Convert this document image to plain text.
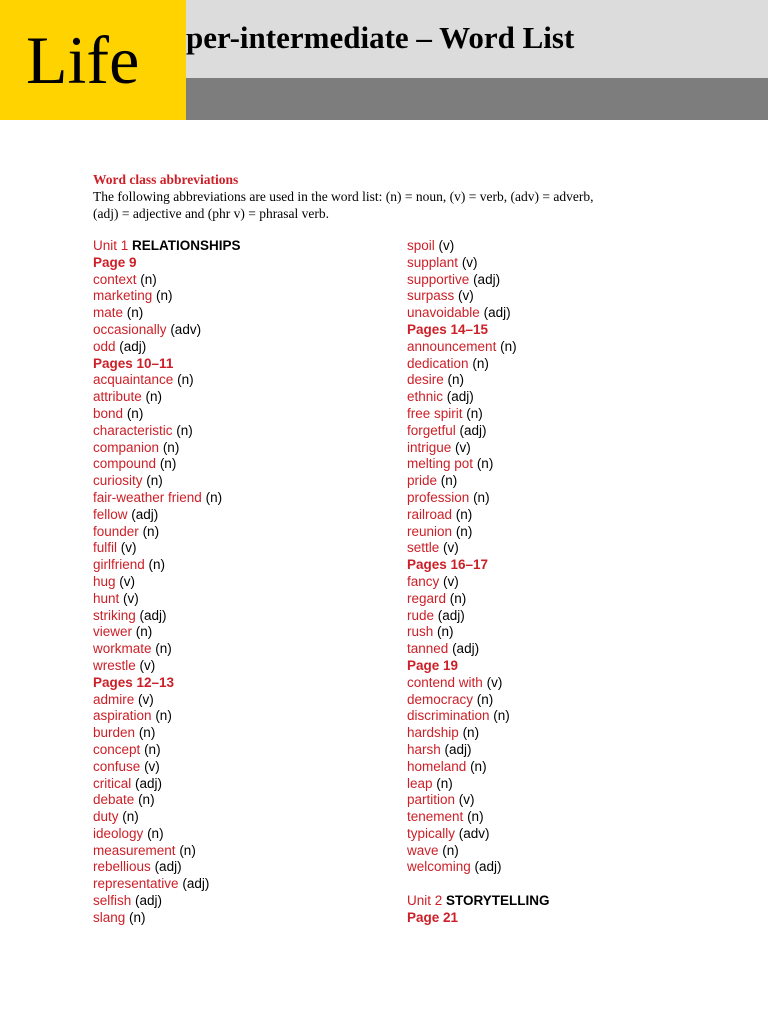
Life per-intermediate – Word List
Word class abbreviations
The following abbreviations are used in the word list: (n) = noun, (v) = verb, (adv) = adverb,
(adj) = adjective and (phr v) = phrasal verb.
Unit 1 RELATIONSHIPS
Page 9
context (n)
marketing (n)
mate (n)
occasionally (adv)
odd (adj)
Pages 10–11
acquaintance (n)
attribute (n)
bond (n)
characteristic (n)
companion (n)
compound (n)
curiosity (n)
fair-weather friend (n)
fellow (adj)
founder (n)
fulfil (v)
girlfriend (n)
hug (v)
hunt (v)
striking (adj)
viewer (n)
workmate (n)
wrestle (v)
Pages 12–13
admire (v)
aspiration (n)
burden (n)
concept (n)
confuse (v)
critical (adj)
debate (n)
duty (n)
ideology (n)
measurement (n)
rebellious (adj)
representative (adj)
selfish (adj)
slang (n)
spoil (v)
supplant (v)
supportive (adj)
surpass (v)
unavoidable (adj)
Pages 14–15
announcement (n)
dedication (n)
desire (n)
ethnic (adj)
free spirit (n)
forgetful (adj)
intrigue (v)
melting pot (n)
pride (n)
profession (n)
railroad (n)
reunion (n)
settle (v)
Pages 16–17
fancy (v)
regard (n)
rude (adj)
rush (n)
tanned (adj)
Page 19
contend with (v)
democracy (n)
discrimination (n)
hardship (n)
harsh (adj)
homeland (n)
leap (n)
partition (v)
tenement (n)
typically (adv)
wave (n)
welcoming (adj)
Unit 2 STORYTELLING
Page 21
